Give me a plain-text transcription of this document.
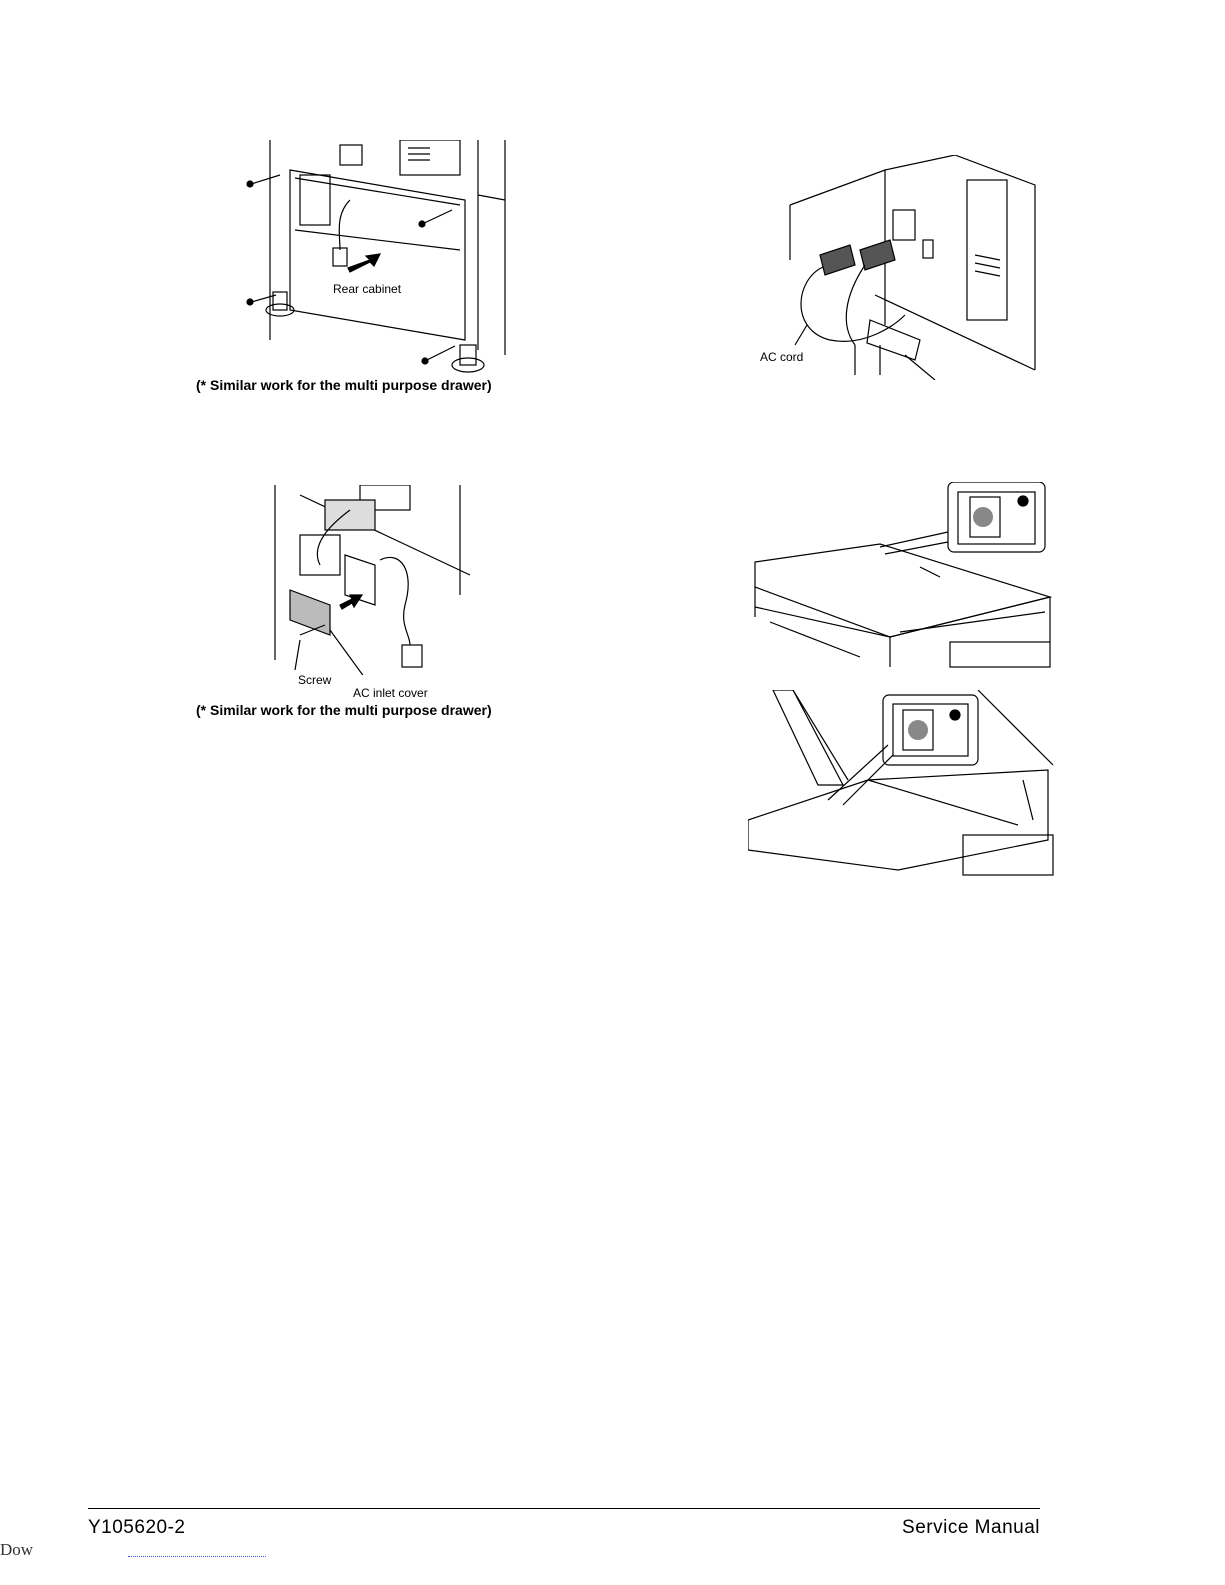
Rear cabinet
(* Similar work for the multi purpose drawer)
AC cord
Screw
AC inlet cover
(* Similar work for the multi purpose drawer)
Y105620-2	Service Manual
Dow
